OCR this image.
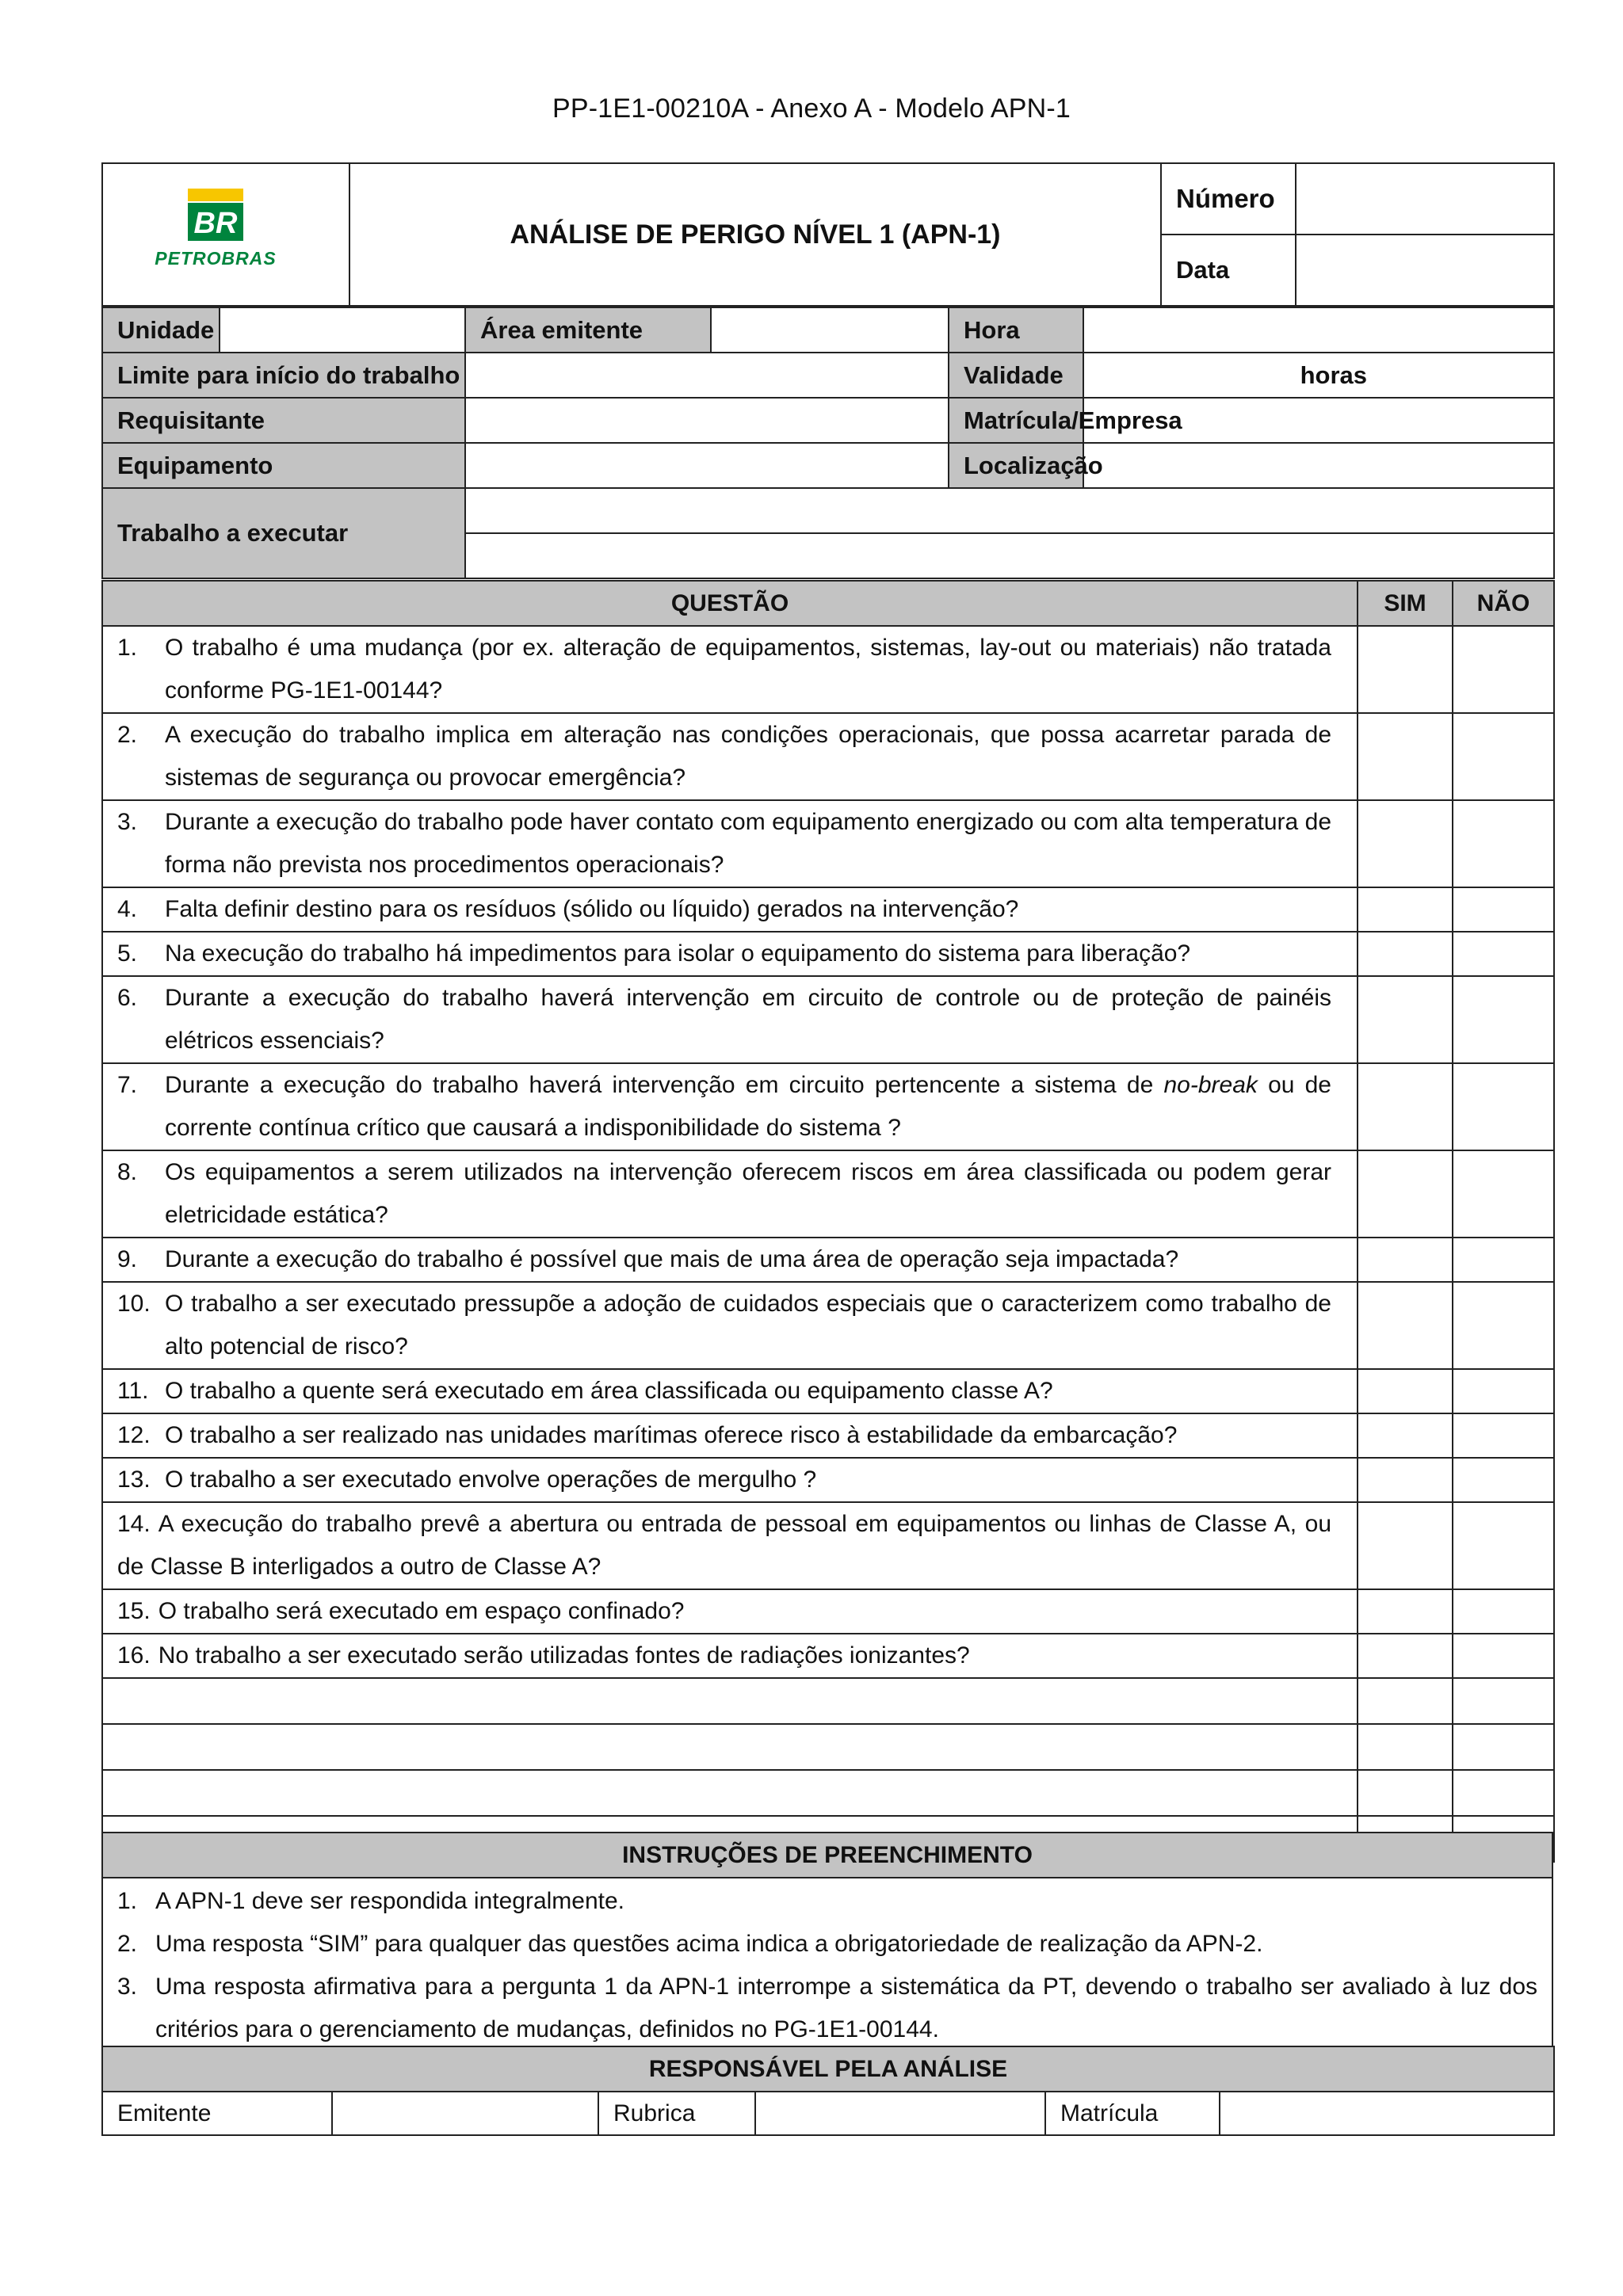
PP-1E1-00210A - Anexo A - Modelo APN-1
BR
PETROBRAS	ANÁLISE DE PERIGO NÍVEL 1 (APN-1)	Número	
		Data	
Unidade		Área emitente		Hora	
Limite para início do trabalho				Validade	horas
Requisitante				Matrícula/Empresa	
Equipamento				Localização	
Trabalho a executar					

QUESTÃO	SIM	NÃO

1. O trabalho é uma mudança (por ex. alteração de equipamentos, sistemas, lay-out ou materiais) não tratada conforme PG-1E1-00144?		

2. A execução do trabalho implica em alteração nas condições operacionais, que possa acarretar parada de sistemas de segurança ou provocar emergência?		

3. Durante a execução do trabalho pode haver contato com equipamento energizado ou com alta temperatura de forma não prevista nos procedimentos operacionais?		

4. Falta definir destino para os resíduos (sólido ou líquido) gerados na intervenção?		

5. Na execução do trabalho há impedimentos para isolar o equipamento do sistema para liberação?		

6. Durante a execução do trabalho haverá intervenção em circuito de controle ou de proteção de painéis elétricos essenciais?		

7. Durante a execução do trabalho haverá intervenção em circuito pertencente a sistema de no-break ou de corrente contínua crítico que causará a indisponibilidade do sistema ?		

8. Os equipamentos a serem utilizados na intervenção oferecem riscos em área classificada ou podem gerar eletricidade estática?		

9. Durante a execução do trabalho é possível que mais de uma área de operação seja impactada?		

10. O trabalho a ser executado pressupõe a adoção de cuidados especiais que o caracterizem como trabalho de alto potencial de risco?		

11. O trabalho a quente será executado em área classificada ou equipamento classe A?		

12. O trabalho a ser realizado nas unidades marítimas oferece risco à estabilidade da embarcação?		

13. O trabalho a ser executado envolve operações de mergulho ?		

14. A execução do trabalho prevê a abertura ou entrada de pessoal em equipamentos ou linhas de Classe A, ou de Classe B interligados a outro de Classe A?		

15. O trabalho será executado em espaço confinado?		

16. No trabalho a ser executado serão utilizadas fontes de radiações ionizantes?		

INSTRUÇÕES DE PREENCHIMENTO

1. A APN-1 deve ser respondida integralmente.
2. Uma resposta “SIM” para qualquer das questões acima indica a obrigatoriedade de realização da APN-2.
3. Uma resposta afirmativa para a pergunta 1 da APN-1 interrompe a sistemática da PT, devendo o trabalho ser avaliado à luz dos critérios para o gerenciamento de mudanças, definidos no PG-1E1-00144.
RESPONSÁVEL PELA ANÁLISE
Emitente		Rubrica		Matrícula	
